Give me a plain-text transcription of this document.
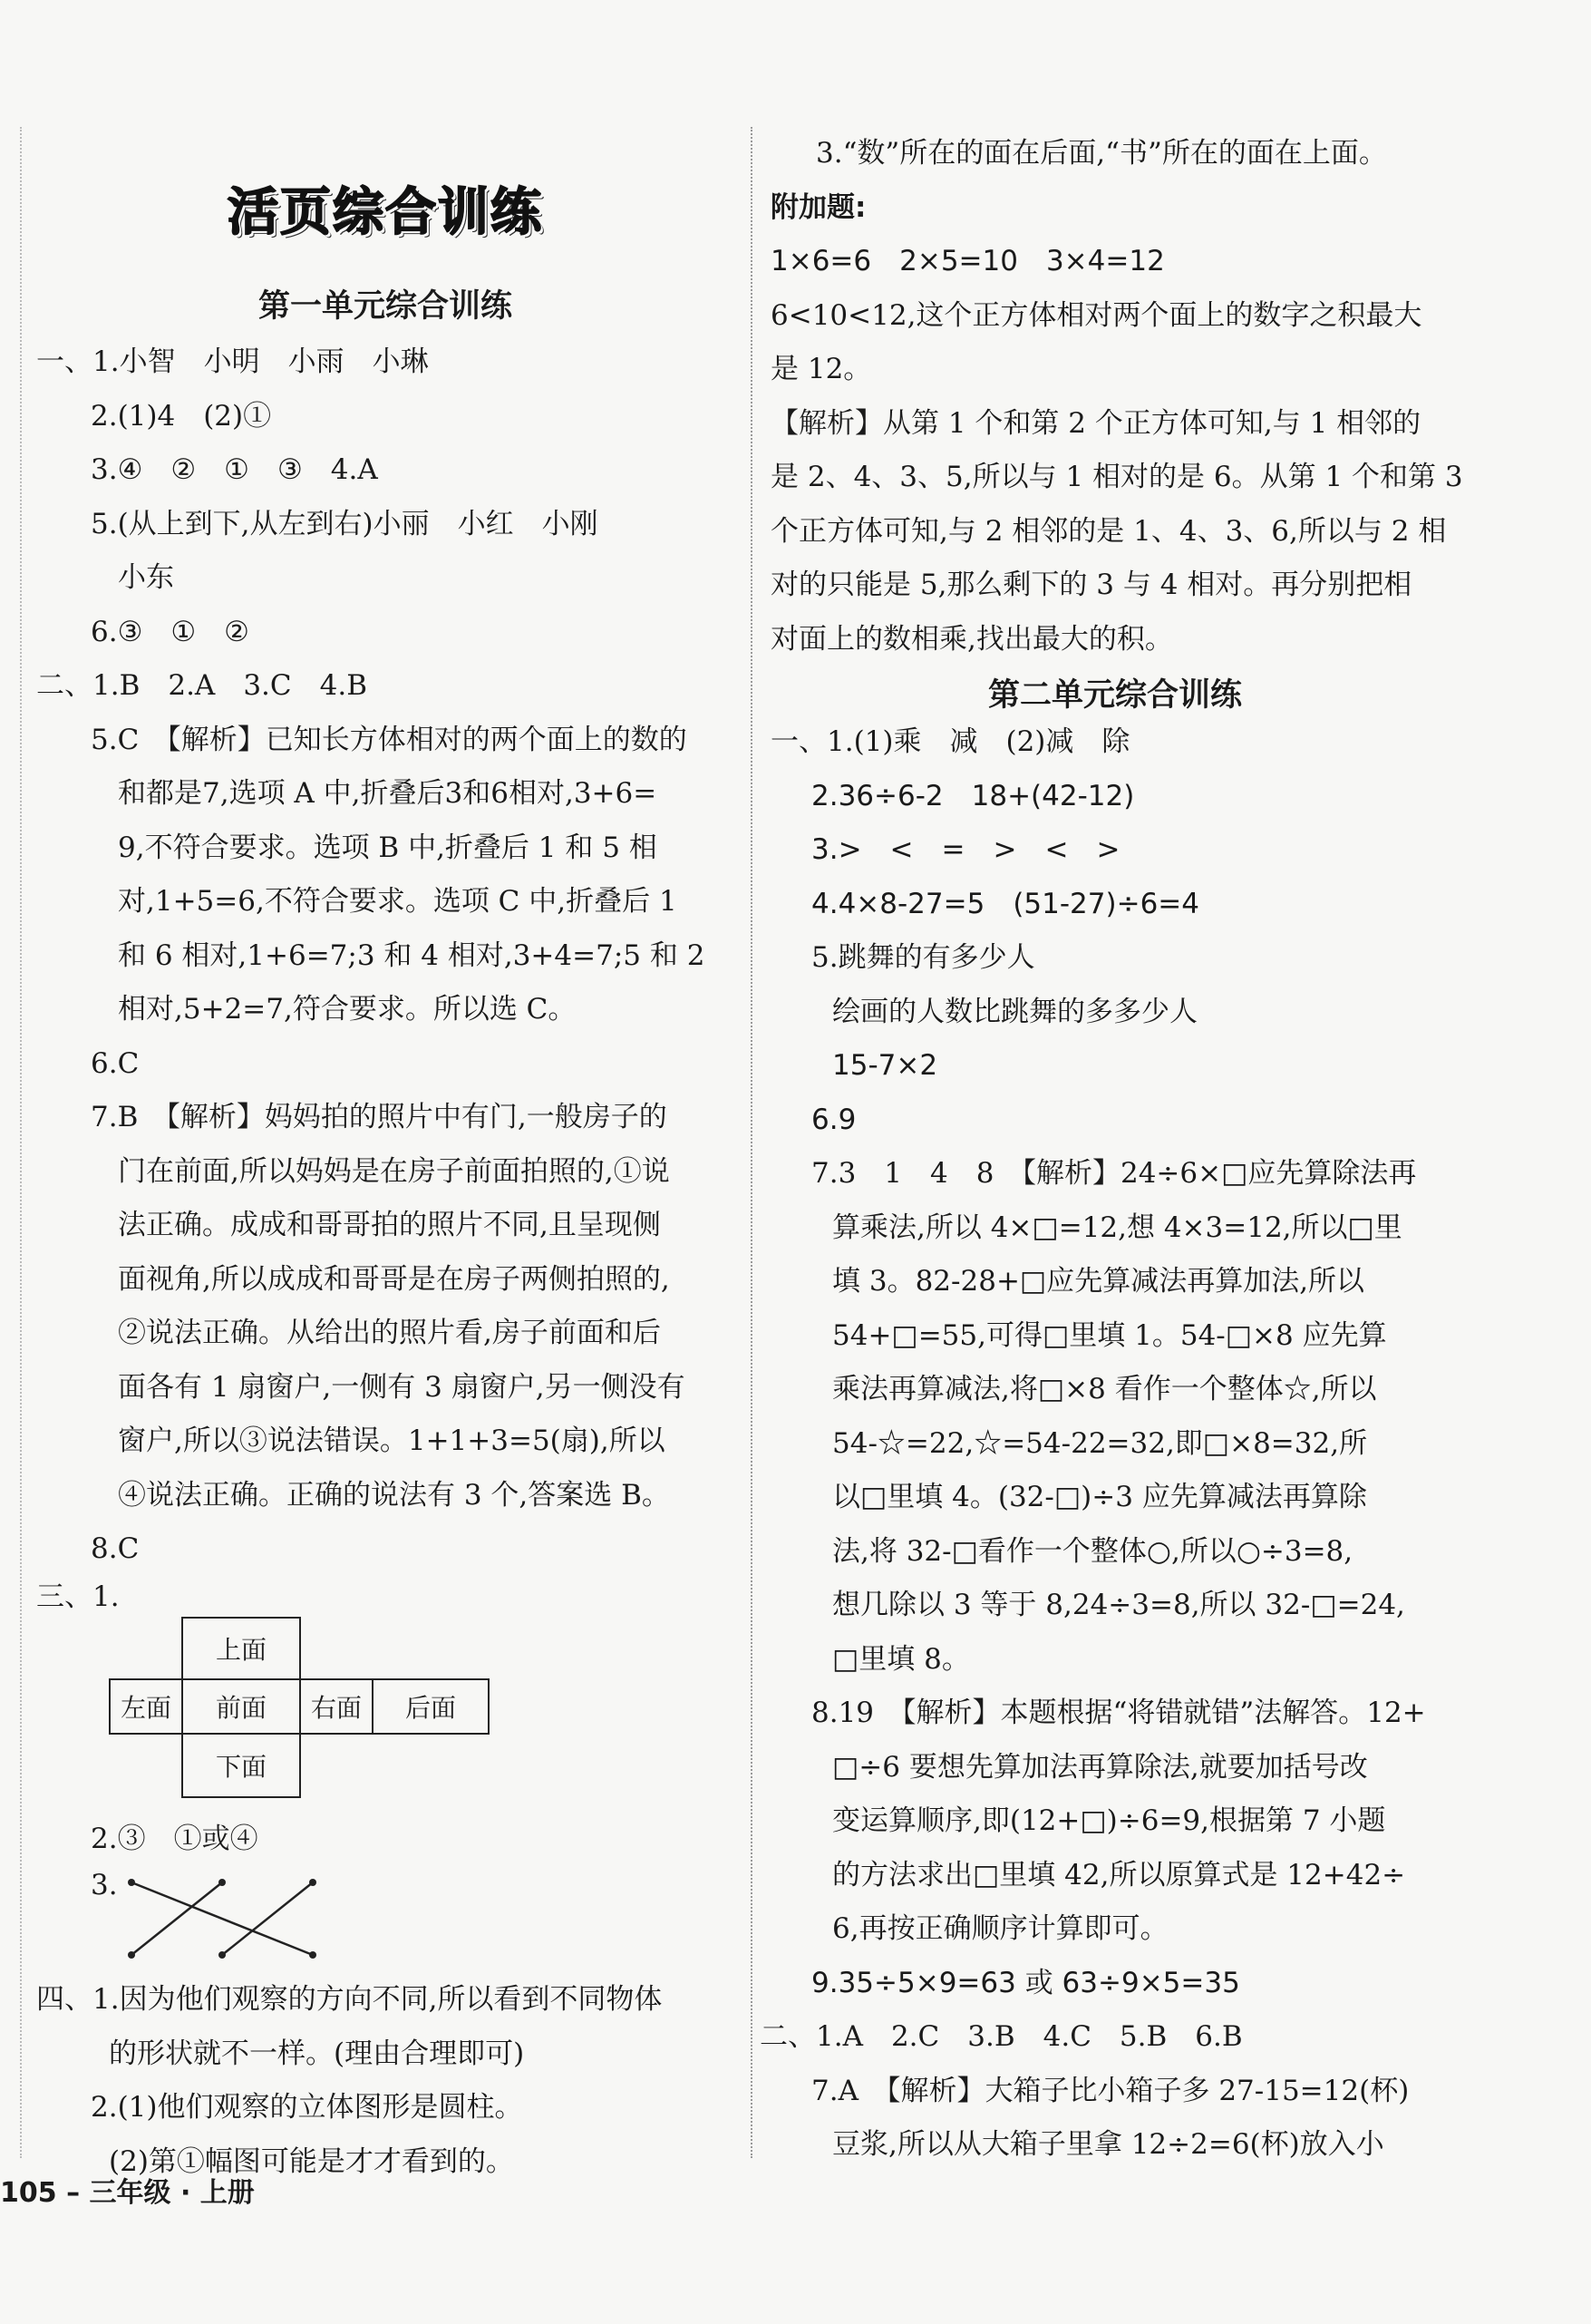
活页综合训练
第一单元综合训练
一、1.小智　小明　小雨　小琳
2.(1)4　(2)①
3.④　②　①　③　4.A
5.(从上到下,从左到右)小丽　小红　小刚
小东
6.③　①　②
二、1.B　2.A　3.C　4.B
5.C　【解析】已知长方体相对的两个面上的数的
和都是7,选项 A 中,折叠后3和6相对,3+6=
9,不符合要求。选项 B 中,折叠后 1 和 5 相
对,1+5=6,不符合要求。选项 C 中,折叠后 1
和 6 相对,1+6=7;3 和 4 相对,3+4=7;5 和 2
相对,5+2=7,符合要求。所以选 C。
6.C
7.B　【解析】妈妈拍的照片中有门,一般房子的
门在前面,所以妈妈是在房子前面拍照的,①说
法正确。成成和哥哥拍的照片不同,且呈现侧
面视角,所以成成和哥哥是在房子两侧拍照的,
②说法正确。从给出的照片看,房子前面和后
面各有 1 扇窗户,一侧有 3 扇窗户,另一侧没有
窗户,所以③说法错误。1+1+3=5(扇),所以
④说法正确。正确的说法有 3 个,答案选 B。
8.C
三、1.
上面
左面	前面	右面	后面
下面
2.③　①或④
3.
四、1.因为他们观察的方向不同,所以看到不同物体
的形状就不一样。(理由合理即可)
2.(1)他们观察的立体图形是圆柱。
(2)第①幅图可能是才才看到的。
3.“数”所在的面在后面,“书”所在的面在上面。
附加题:
1×6=6　2×5=10　3×4=12
6<10<12,这个正方体相对两个面上的数字之积最大
是 12。
【解析】从第 1 个和第 2 个正方体可知,与 1 相邻的
是 2、4、3、5,所以与 1 相对的是 6。从第 1 个和第 3
个正方体可知,与 2 相邻的是 1、4、3、6,所以与 2 相
对的只能是 5,那么剩下的 3 与 4 相对。再分别把相
对面上的数相乘,找出最大的积。
第二单元综合训练
一、1.(1)乘　减　(2)减　除
2.36÷6-2　18+(42-12)
3.>　<　=　>　<　>
4.4×8-27=5　(51-27)÷6=4
5.跳舞的有多少人
绘画的人数比跳舞的多多少人
15-7×2
6.9
7.3　1　4　8　【解析】24÷6×□应先算除法再
算乘法,所以 4×□=12,想 4×3=12,所以□里
填 3。82-28+□应先算减法再算加法,所以
54+□=55,可得□里填 1。54-□×8 应先算
乘法再算减法,将□×8 看作一个整体☆,所以
54-☆=22,☆=54-22=32,即□×8=32,所
以□里填 4。(32-□)÷3 应先算减法再算除
法,将 32-□看作一个整体○,所以○÷3=8,
想几除以 3 等于 8,24÷3=8,所以 32-□=24,
□里填 8。
8.19　【解析】本题根据“将错就错”法解答。12+
□÷6 要想先算加法再算除法,就要加括号改
变运算顺序,即(12+□)÷6=9,根据第 7 小题
的方法求出□里填 42,所以原算式是 12+42÷
6,再按正确顺序计算即可。
9.35÷5×9=63 或 63÷9×5=35
二、1.A　2.C　3.B　4.C　5.B　6.B
7.A　【解析】大箱子比小箱子多 27-15=12(杯)
豆浆,所以从大箱子里拿 12÷2=6(杯)放入小
105 – 三年级 · 上册
